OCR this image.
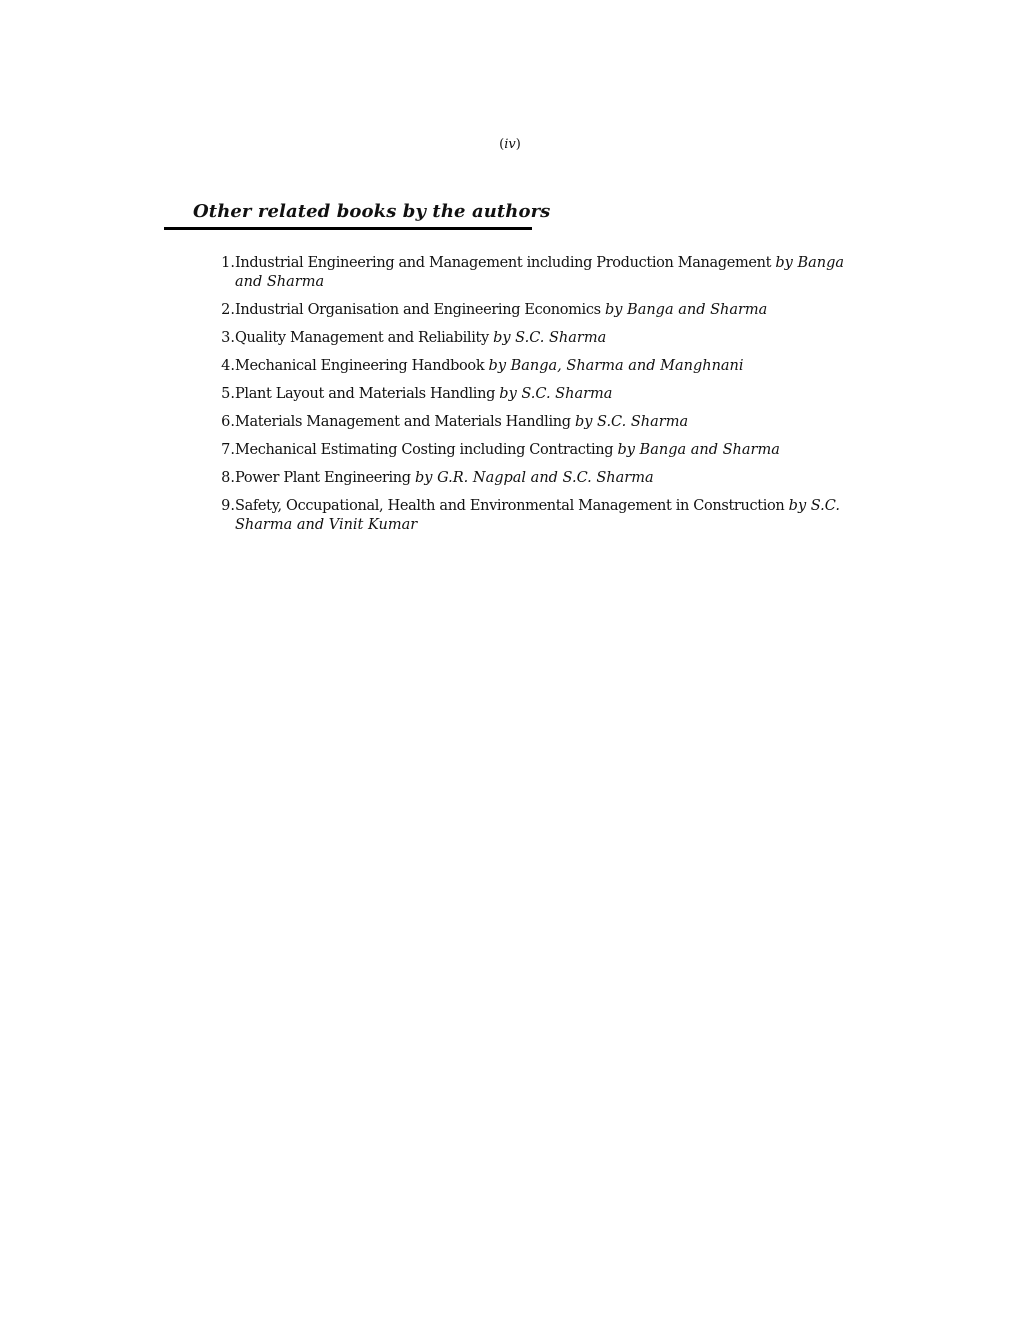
(iv)
Other related books by the authors
1. Industrial Engineering and Management including Production Management by Banga and Sharma
2. Industrial Organisation and Engineering Economics by Banga and Sharma
3. Quality Management and Reliability by S.C. Sharma
4. Mechanical Engineering Handbook by Banga, Sharma and Manghnani
5. Plant Layout and Materials Handling by S.C. Sharma
6. Materials Management and Materials Handling by S.C. Sharma
7. Mechanical Estimating Costing including Contracting by Banga and Sharma
8. Power Plant Engineering by G.R. Nagpal and S.C. Sharma
9. Safety, Occupational, Health and Environmental Management in Construction by S.C. Sharma and Vinit Kumar
